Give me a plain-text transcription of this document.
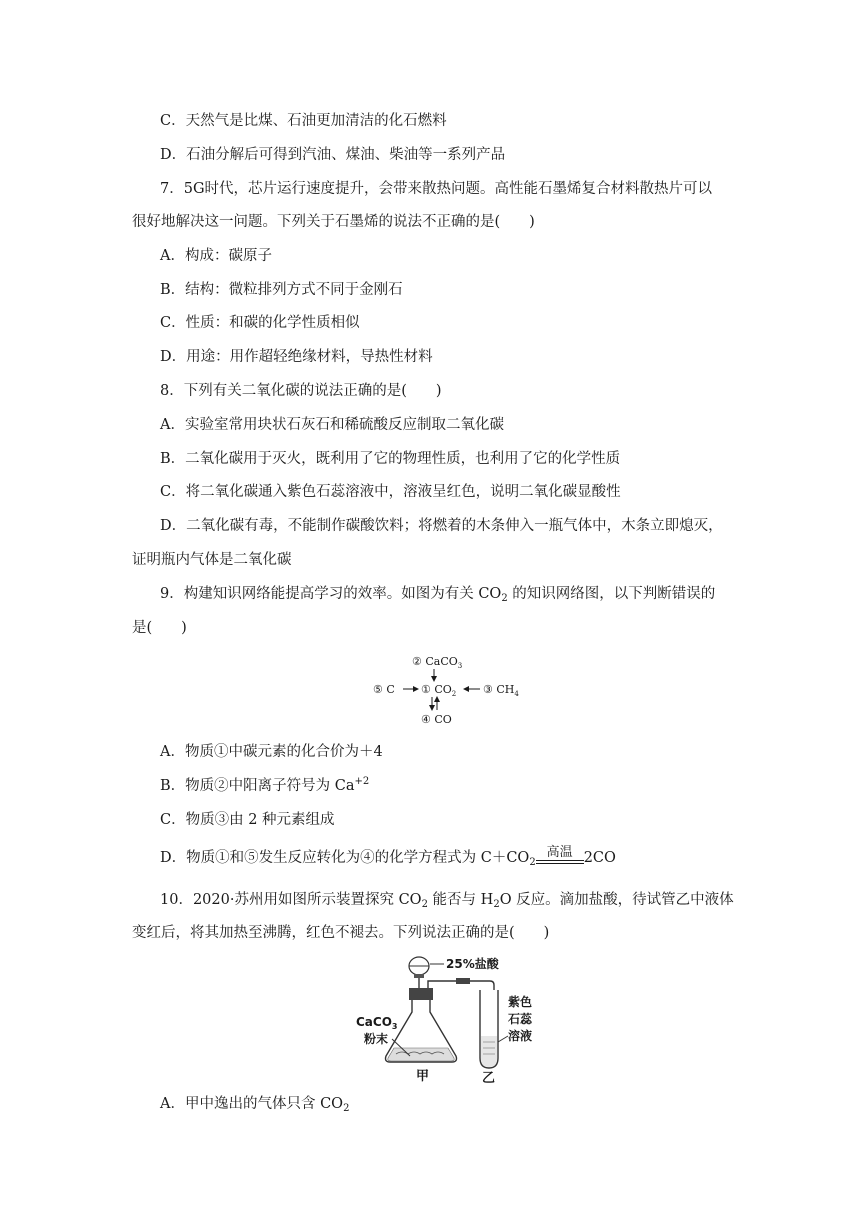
C．天然气是比煤、石油更加清洁的化石燃料
D．石油分解后可得到汽油、煤油、柴油等一系列产品
7．5G时代，芯片运行速度提升，会带来散热问题。高性能石墨烯复合材料散热片可以
很好地解决这一问题。下列关于石墨烯的说法不正确的是(　　)
A．构成：碳原子
B．结构：微粒排列方式不同于金刚石
C．性质：和碳的化学性质相似
D．用途：用作超轻绝缘材料，导热性材料
8．下列有关二氧化碳的说法正确的是(　　)
A．实验室常用块状石灰石和稀硫酸反应制取二氧化碳
B．二氧化碳用于灭火，既利用了它的物理性质，也利用了它的化学性质
C．将二氧化碳通入紫色石蕊溶液中，溶液呈红色，说明二氧化碳显酸性
D．二氧化碳有毒，不能制作碳酸饮料；将燃着的木条伸入一瓶气体中，木条立即熄灭，
证明瓶内气体是二氧化碳
9．构建知识网络能提高学习的效率。如图为有关 $CO_2$ 的知识网络图，以下判断错误的
是(　　)
② CaCO$_3$
⑤ C ① $CO_2$ ③ $CH_4$
④ CO
A．物质①中碳元素的化合价为＋4
B．物质②中阳离子符号为 $Ca^{+2}$
C．物质③由 2 种元素组成
D．物质①和⑤发生反应转化为④的化学方程式为 $C+CO_2$
高温 2CO
10．2020·苏州用如图所示装置探究 $CO_2$ 能否与 $H_2O$ 反应。滴加盐酸，待试管乙中液体
变红后，将其加热至沸腾，红色不褪去。下列说法正确的是(　　)
25%盐酸
CaCO$_3$
粉末
甲
紫色
石蕊
溶液
乙
A．甲中逸出的气体只含 $CO_2$
